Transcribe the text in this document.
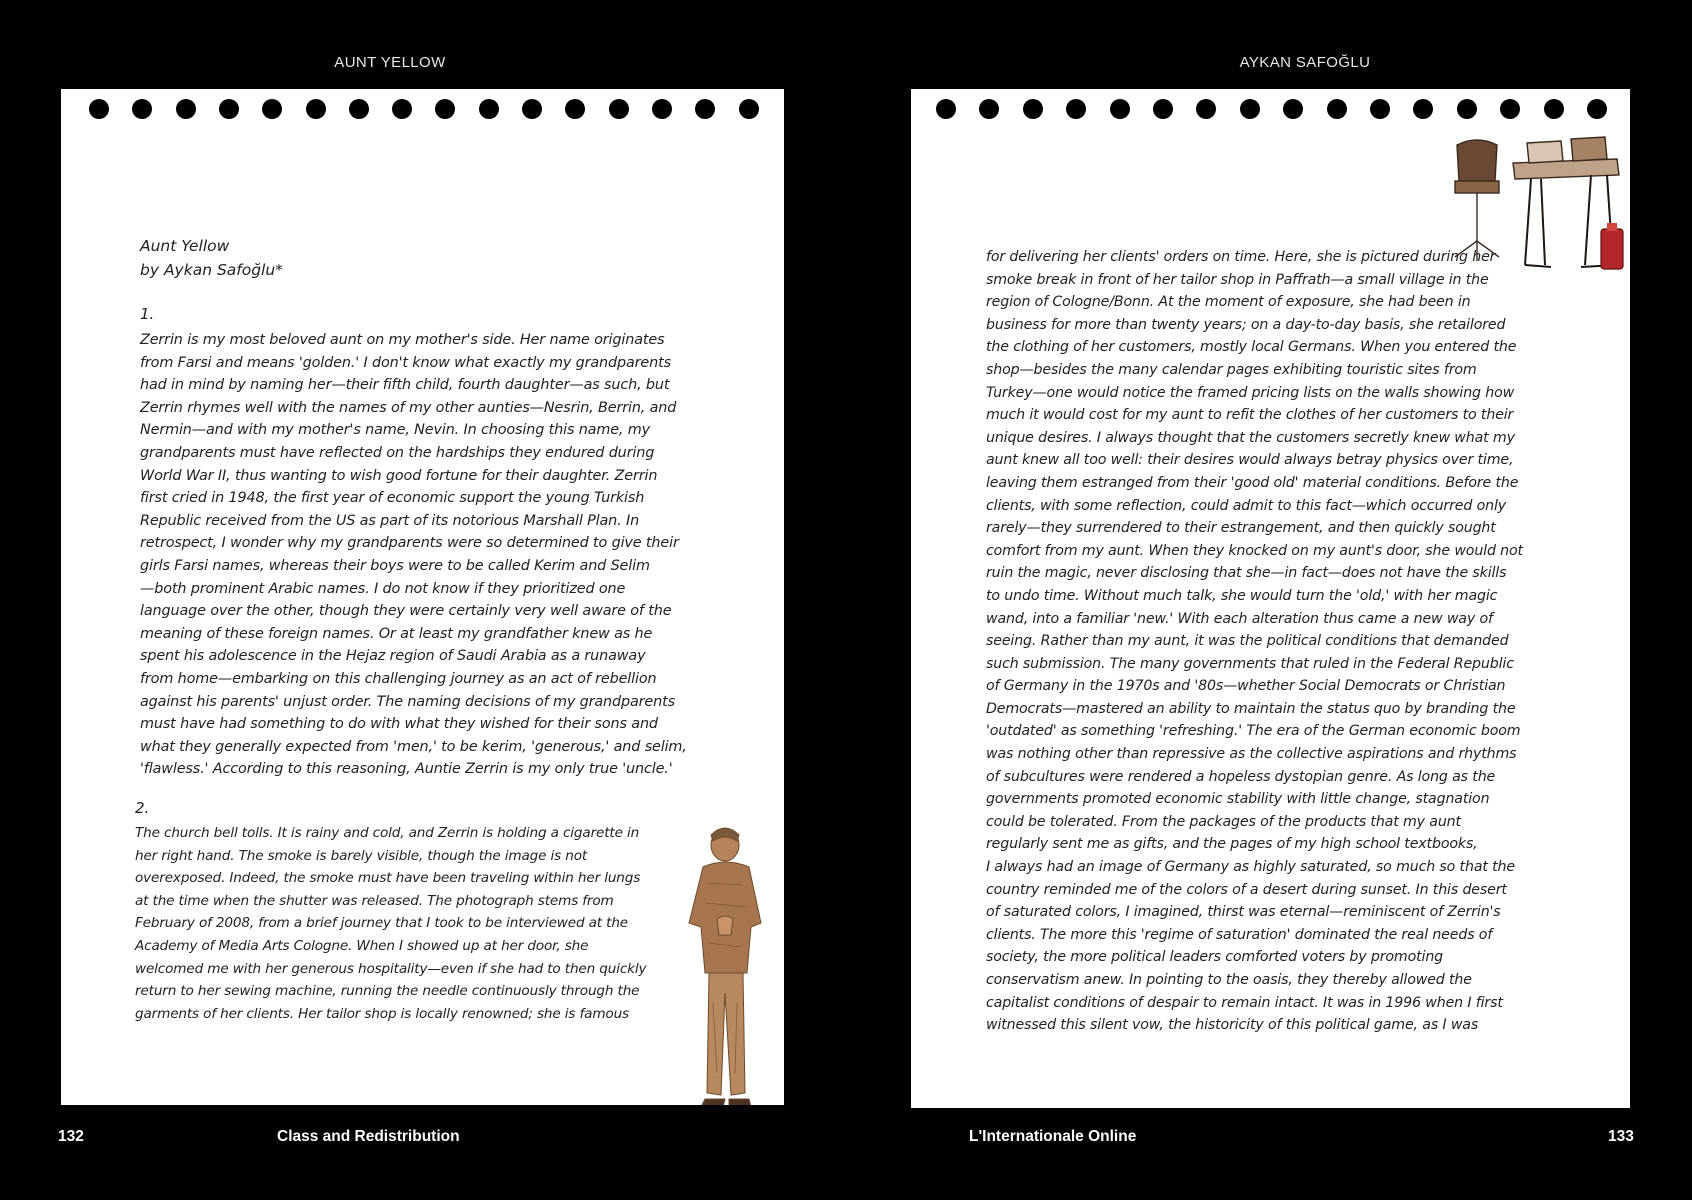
AUNT YELLOW	AYKAN SAFOĞLU
Aunt Yellow
by Aykan Safoğlu*
1.
Zerrin is my most beloved aunt on my mother's side. Her name originates
from Farsi and means 'golden.' I don't know what exactly my grandparents
had in mind by naming her—their fifth child, fourth daughter—as such, but
Zerrin rhymes well with the names of my other aunties—Nesrin, Berrin, and
Nermin—and with my mother's name, Nevin. In choosing this name, my
grandparents must have reflected on the hardships they endured during
World War II, thus wanting to wish good fortune for their daughter. Zerrin
first cried in 1948, the first year of economic support the young Turkish
Republic received from the US as part of its notorious Marshall Plan. In
retrospect, I wonder why my grandparents were so determined to give their
girls Farsi names, whereas their boys were to be called Kerim and Selim
—both prominent Arabic names. I do not know if they prioritized one
language over the other, though they were certainly very well aware of the
meaning of these foreign names. Or at least my grandfather knew as he
spent his adolescence in the Hejaz region of Saudi Arabia as a runaway
from home—embarking on this challenging journey as an act of rebellion
against his parents' unjust order. The naming decisions of my grandparents
must have had something to do with what they wished for their sons and
what they generally expected from 'men,' to be kerim, 'generous,' and selim,
'flawless.' According to this reasoning, Auntie Zerrin is my only true 'uncle.'
2.
The church bell tolls. It is rainy and cold, and Zerrin is holding a cigarette in
her right hand. The smoke is barely visible, though the image is not
overexposed. Indeed, the smoke must have been traveling within her lungs
at the time when the shutter was released. The photograph stems from
February of 2008, from a brief journey that I took to be interviewed at the
Academy of Media Arts Cologne. When I showed up at her door, she
welcomed me with her generous hospitality—even if she had to then quickly
return to her sewing machine, running the needle continuously through the
garments of her clients. Her tailor shop is locally renowned; she is famous
for delivering her clients' orders on time. Here, she is pictured during her
smoke break in front of her tailor shop in Paffrath—a small village in the
region of Cologne/Bonn. At the moment of exposure, she had been in
business for more than twenty years; on a day-to-day basis, she retailored
the clothing of her customers, mostly local Germans. When you entered the
shop—besides the many calendar pages exhibiting touristic sites from
Turkey—one would notice the framed pricing lists on the walls showing how
much it would cost for my aunt to refit the clothes of her customers to their
unique desires. I always thought that the customers secretly knew what my
aunt knew all too well: their desires would always betray physics over time,
leaving them estranged from their 'good old' material conditions. Before the
clients, with some reflection, could admit to this fact—which occurred only
rarely—they surrendered to their estrangement, and then quickly sought
comfort from my aunt. When they knocked on my aunt's door, she would not
ruin the magic, never disclosing that she—in fact—does not have the skills
to undo time. Without much talk, she would turn the 'old,' with her magic
wand, into a familiar 'new.' With each alteration thus came a new way of
seeing. Rather than my aunt, it was the political conditions that demanded
such submission. The many governments that ruled in the Federal Republic
of Germany in the 1970s and '80s—whether Social Democrats or Christian
Democrats—mastered an ability to maintain the status quo by branding the
'outdated' as something 'refreshing.' The era of the German economic boom
was nothing other than repressive as the collective aspirations and rhythms
of subcultures were rendered a hopeless dystopian genre. As long as the
governments promoted economic stability with little change, stagnation
could be tolerated. From the packages of the products that my aunt
regularly sent me as gifts, and the pages of my high school textbooks,
I always had an image of Germany as highly saturated, so much so that the
country reminded me of the colors of a desert during sunset. In this desert
of saturated colors, I imagined, thirst was eternal—reminiscent of Zerrin's
clients. The more this 'regime of saturation' dominated the real needs of
society, the more political leaders comforted voters by promoting
conservatism anew. In pointing to the oasis, they thereby allowed the
capitalist conditions of despair to remain intact. It was in 1996 when I first
witnessed this silent vow, the historicity of this political game, as I was
132	Class and Redistribution	L'Internationale Online	133
